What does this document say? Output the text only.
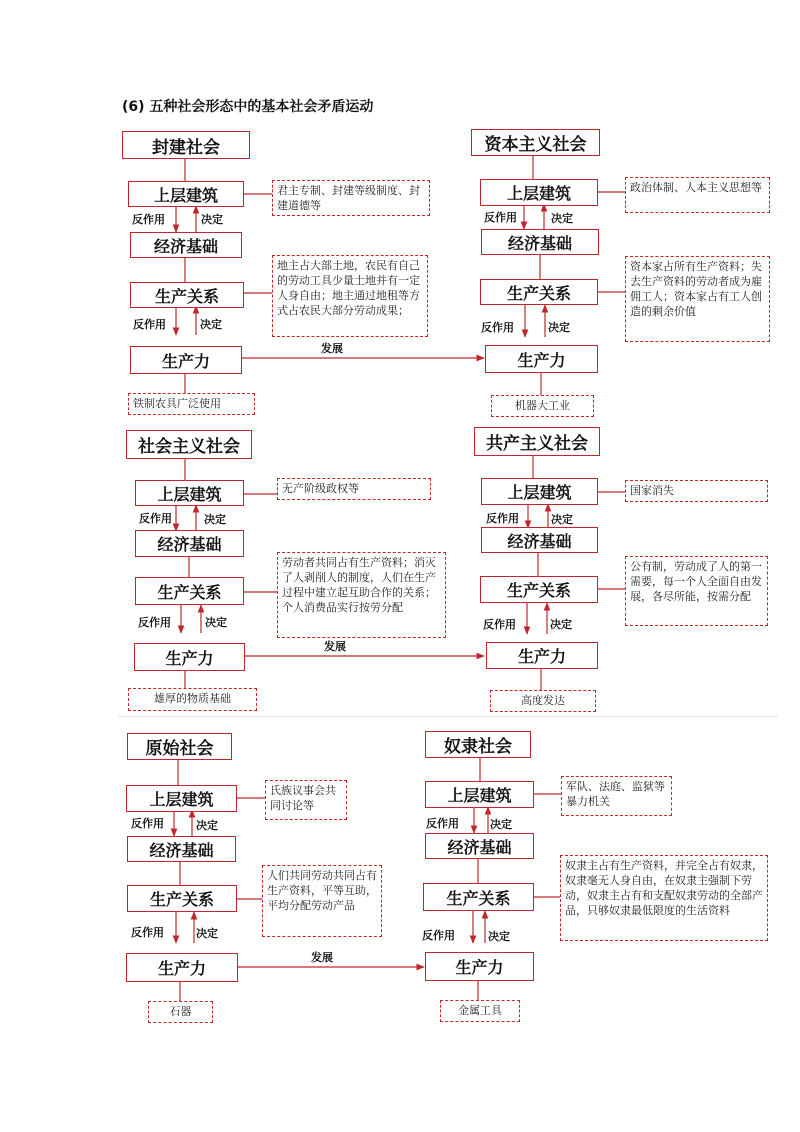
(6) 五种社会形态中的基本社会矛盾运动
封建社会
上层建筑
反作用	决定
经济基础
生产关系
反作用	决定
生产力
君主专制、封建等级制度、封建道德等
地主占大部土地，农民有自己的劳动工具少量土地并有一定人身自由；地主通过地租等方式占农民大部分劳动成果；
铁制农具广泛使用
发展
资本主义社会
上层建筑
反作用	决定
经济基础
生产关系
反作用	决定
生产力
政治体制、人本主义思想等
资本家占所有生产资料；失去生产资料的劳动者成为雇佣工人；资本家占有工人创造的剩余价值
机器大工业
社会主义社会
上层建筑
反作用	决定
经济基础
生产关系
反作用	决定
生产力
无产阶级政权等
劳动者共同占有生产资料；消灭了人剥削人的制度，人们在生产过程中建立起互助合作的关系；个人消费品实行按劳分配
雄厚的物质基础
发展
共产主义社会
上层建筑
反作用	决定
经济基础
生产关系
反作用	决定
生产力
国家消失
公有制，劳动成了人的第一需要，每一个人全面自由发展，各尽所能，按需分配
高度发达
原始社会
上层建筑
反作用	决定
经济基础
生产关系
反作用	决定
生产力
氏族议事会共同讨论等
人们共同劳动共同占有生产资料，平等互助，平均分配劳动产品
石器
发展
奴隶社会
上层建筑
反作用	决定
经济基础
生产关系
反作用	决定
生产力
军队、法庭、监狱等暴力机关
奴隶主占有生产资料，并完全占有奴隶，奴隶毫无人身自由，在奴隶主强制下劳动，奴隶主占有和支配奴隶劳动的全部产品，只够奴隶最低限度的生活资料
金属工具
